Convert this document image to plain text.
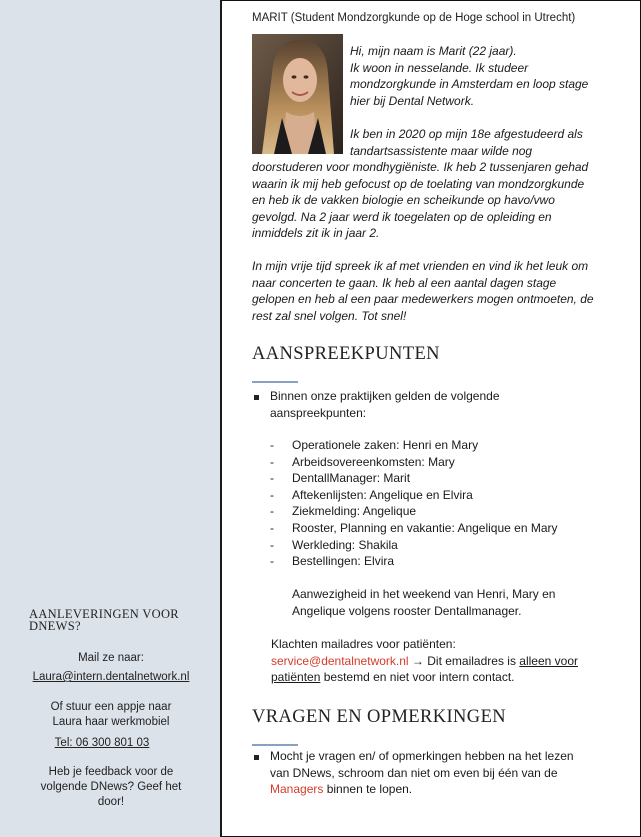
AANLEVERINGEN VOOR DNEWS?
Mail ze naar:
Laura@intern.dentalnetwork.nl
Of stuur een appje naar
Laura haar werkmobiel
Tel: 06 300 801 03
Heb je feedback voor de
volgende DNews? Geef het
door!
MARIT (Student Mondzorgkunde op de Hoge school in Utrecht)
Hi, mijn naam is Marit (22 jaar).
Ik woon in nesselande. Ik studeer
mondzorgkunde in Amsterdam en loop stage
hier bij Dental Network.
Ik ben in 2020 op mijn 18e afgestudeerd als
tandartsassistente maar wilde nog
doorstuderen voor mondhygiëniste. Ik heb 2 tussenjaren gehad
waarin ik mij heb gefocust op de toelating van mondzorgkunde
en heb ik de vakken biologie en scheikunde op havo/vwo
gevolgd. Na 2 jaar werd ik toegelaten op de opleiding en
inmiddels zit ik in jaar 2.
In mijn vrije tijd spreek ik af met vrienden en vind ik het leuk om
naar concerten te gaan. Ik heb al een aantal dagen stage
gelopen en heb al een paar medewerkers mogen ontmoeten, de
rest zal snel volgen. Tot snel!
AANSPREEKPUNTEN
Binnen onze praktijken gelden de volgende
aanspreekpunten:
- Operationele zaken: Henri en Mary
- Arbeidsovereenkomsten: Mary
- DentallManager: Marit
- Aftekenlijsten: Angelique en Elvira
- Ziekmelding: Angelique
- Rooster, Planning en vakantie: Angelique en Mary
- Werkleding: Shakila
- Bestellingen: Elvira
Aanwezigheid in het weekend van Henri, Mary en
Angelique volgens rooster Dentallmanager.
Klachten mailadres voor patiënten:
service@dentalnetwork.nl → Dit emailadres is alleen voor
patiënten bestemd en niet voor intern contact.
VRAGEN EN OPMERKINGEN
Mocht je vragen en/ of opmerkingen hebben na het lezen
van DNews, schroom dan niet om even bij één van de
Managers binnen te lopen.
